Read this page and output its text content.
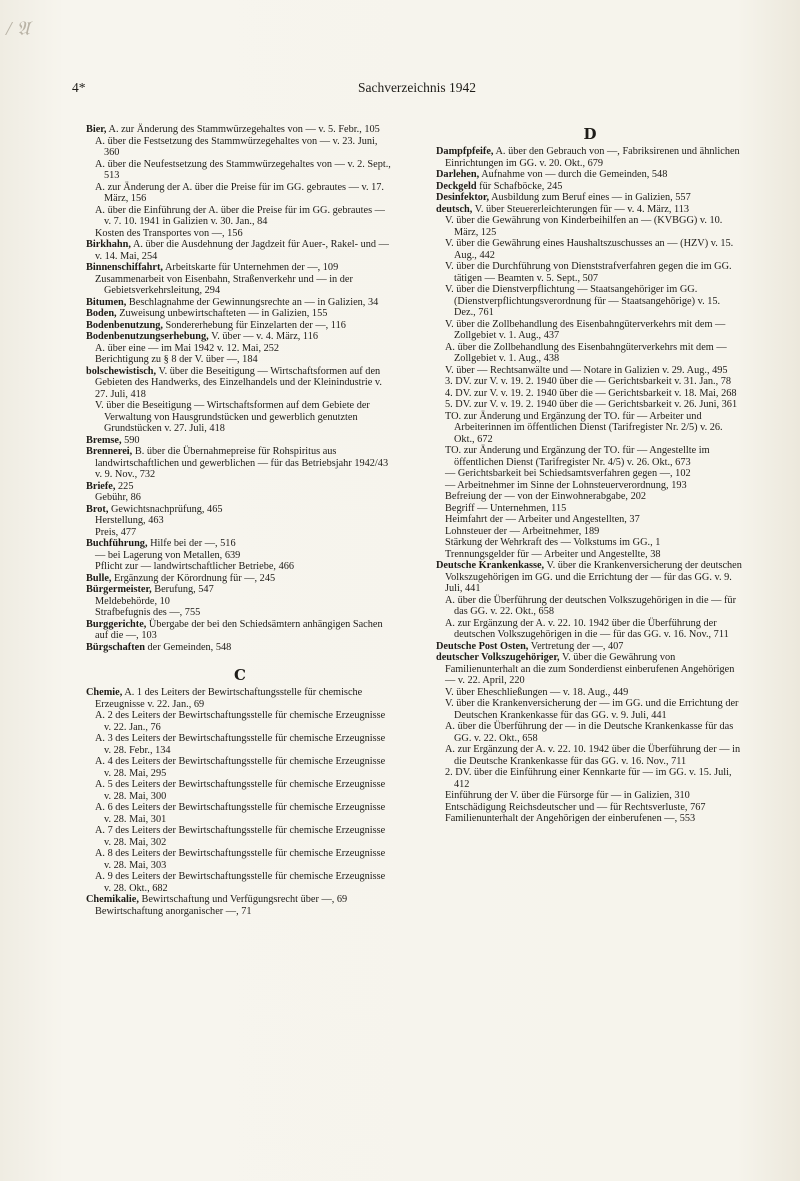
/ 𝔄
4*	Sachverzeichnis 1942

Bier, A. zur Änderung des Stammwürzegehaltes von — v. 5. Febr., 105

A. über die Festsetzung des Stammwürzegehaltes von — v. 23. Juni, 360

A. über die Neufestsetzung des Stammwürzegehaltes von — v. 2. Sept., 513

A. zur Änderung der A. über die Preise für im GG. gebrautes — v. 17. März, 156

A. über die Einführung der A. über die Preise für im GG. gebrautes — v. 7. 10. 1941 in Galizien v. 30. Jan., 84

Kosten des Transportes von —, 156

Birkhahn, A. über die Ausdehnung der Jagdzeit für Auer-, Rakel- und — v. 14. Mai, 254

Binnenschiffahrt, Arbeitskarte für Unternehmen der —, 109

Zusammenarbeit von Eisenbahn, Straßenverkehr und — in der Gebietsverkehrsleitung, 294

Bitumen, Beschlagnahme der Gewinnungsrechte an — in Galizien, 34

Boden, Zuweisung unbewirtschafteten — in Galizien, 155

Bodenbenutzung, Sondererhebung für Einzelarten der —, 116

Bodenbenutzungserhebung, V. über — v. 4. März, 116

A. über eine — im Mai 1942 v. 12. Mai, 252

Berichtigung zu § 8 der V. über —, 184

bolschewistisch, V. über die Beseitigung — Wirtschaftsformen auf den Gebieten des Handwerks, des Einzelhandels und der Kleinindustrie v. 27. Juli, 418

V. über die Beseitigung — Wirtschaftsformen auf dem Gebiete der Verwaltung von Hausgrundstücken und gewerblich genutzten Grundstücken v. 27. Juli, 418

Bremse, 590

Brennerei, B. über die Übernahmepreise für Rohspiritus aus landwirtschaftlichen und gewerblichen — für das Betriebsjahr 1942/43 v. 9. Nov., 732

Briefe, 225

Gebühr, 86

Brot, Gewichtsnachprüfung, 465

Herstellung, 463

Preis, 477

Buchführung, Hilfe bei der —, 516

— bei Lagerung von Metallen, 639

Pflicht zur — landwirtschaftlicher Betriebe, 466

Bulle, Ergänzung der Körordnung für —, 245

Bürgermeister, Berufung, 547

Meldebehörde, 10

Strafbefugnis des —, 755

Burggerichte, Übergabe der bei den Schiedsämtern anhängigen Sachen auf die —, 103

Bürgschaften der Gemeinden, 548

C

Chemie, A. 1 des Leiters der Bewirtschaftungsstelle für chemische Erzeugnisse v. 22. Jan., 69

A. 2 des Leiters der Bewirtschaftungsstelle für chemische Erzeugnisse v. 22. Jan., 76

A. 3 des Leiters der Bewirtschaftungsstelle für chemische Erzeugnisse v. 28. Febr., 134

A. 4 des Leiters der Bewirtschaftungsstelle für chemische Erzeugnisse v. 28. Mai, 295

A. 5 des Leiters der Bewirtschaftungsstelle für chemische Erzeugnisse v. 28. Mai, 300

A. 6 des Leiters der Bewirtschaftungsstelle für chemische Erzeugnisse v. 28. Mai, 301

A. 7 des Leiters der Bewirtschaftungsstelle für chemische Erzeugnisse v. 28. Mai, 302

A. 8 des Leiters der Bewirtschaftungsstelle für chemische Erzeugnisse v. 28. Mai, 303

A. 9 des Leiters der Bewirtschaftungsstelle für chemische Erzeugnisse v. 28. Okt., 682

Chemikalie, Bewirtschaftung und Verfügungsrecht über —, 69

Bewirtschaftung anorganischer —, 71

D

Dampfpfeife, A. über den Gebrauch von —, Fabriksirenen und ähnlichen Einrichtungen im GG. v. 20. Okt., 679

Darlehen, Aufnahme von — durch die Gemeinden, 548

Deckgeld für Schafböcke, 245

Desinfektor, Ausbildung zum Beruf eines — in Galizien, 557

deutsch, V. über Steuererleichterungen für — v. 4. März, 113

V. über die Gewährung von Kinderbeihilfen an — (KVBGG) v. 10. März, 125

V. über die Gewährung eines Haushaltszuschusses an — (HZV) v. 15. Aug., 442

V. über die Durchführung von Dienststrafverfahren gegen die im GG. tätigen — Beamten v. 5. Sept., 507

V. über die Dienstverpflichtung — Staatsangehöriger im GG. (Dienstverpflichtungsverordnung für — Staatsangehörige) v. 15. Dez., 761

V. über die Zollbehandlung des Eisenbahngüterverkehrs mit dem — Zollgebiet v. 1. Aug., 437

A. über die Zollbehandlung des Eisenbahngüterverkehrs mit dem — Zollgebiet v. 1. Aug., 438

V. über — Rechtsanwälte und — Notare in Galizien v. 29. Aug., 495

3. DV. zur V. v. 19. 2. 1940 über die — Gerichtsbarkeit v. 31. Jan., 78

4. DV. zur V. v. 19. 2. 1940 über die — Gerichtsbarkeit v. 18. Mai, 268

5. DV. zur V. v. 19. 2. 1940 über die — Gerichtsbarkeit v. 26. Juni, 361

TO. zur Änderung und Ergänzung der TO. für — Arbeiter und Arbeiterinnen im öffentlichen Dienst (Tarifregister Nr. 2/5) v. 26. Okt., 672

TO. zur Änderung und Ergänzung der TO. für — Angestellte im öffentlichen Dienst (Tarifregister Nr. 4/5) v. 26. Okt., 673

— Gerichtsbarkeit bei Schiedsamtsverfahren gegen —, 102

— Arbeitnehmer im Sinne der Lohnsteuerverordnung, 193

Befreiung der — von der Einwohnerabgabe, 202

Begriff — Unternehmen, 115

Heimfahrt der — Arbeiter und Angestellten, 37

Lohnsteuer der — Arbeitnehmer, 189

Stärkung der Wehrkraft des — Volkstums im GG., 1

Trennungsgelder für — Arbeiter und Angestellte, 38

Deutsche Krankenkasse, V. über die Krankenversicherung der deutschen Volkszugehörigen im GG. und die Errichtung der — für das GG. v. 9. Juli, 441

A. über die Überführung der deutschen Volkszugehörigen in die — für das GG. v. 22. Okt., 658

A. zur Ergänzung der A. v. 22. 10. 1942 über die Überführung der deutschen Volkszugehörigen in die — für das GG. v. 16. Nov., 711

Deutsche Post Osten, Vertretung der —, 407

deutscher Volkszugehöriger, V. über die Gewährung von Familienunterhalt an die zum Sonderdienst einberufenen Angehörigen — v. 22. April, 220

V. über Eheschließungen — v. 18. Aug., 449

V. über die Krankenversicherung der — im GG. und die Errichtung der Deutschen Krankenkasse für das GG. v. 9. Juli, 441

A. über die Überführung der — in die Deutsche Krankenkasse für das GG. v. 22. Okt., 658

A. zur Ergänzung der A. v. 22. 10. 1942 über die Überführung der — in die Deutsche Krankenkasse für das GG. v. 16. Nov., 711

2. DV. über die Einführung einer Kennkarte für — im GG. v. 15. Juli, 412

Einführung der V. über die Fürsorge für — in Galizien, 310

Entschädigung Reichsdeutscher und — für Rechtsverluste, 767

Familienunterhalt der Angehörigen der einberufenen —, 553
